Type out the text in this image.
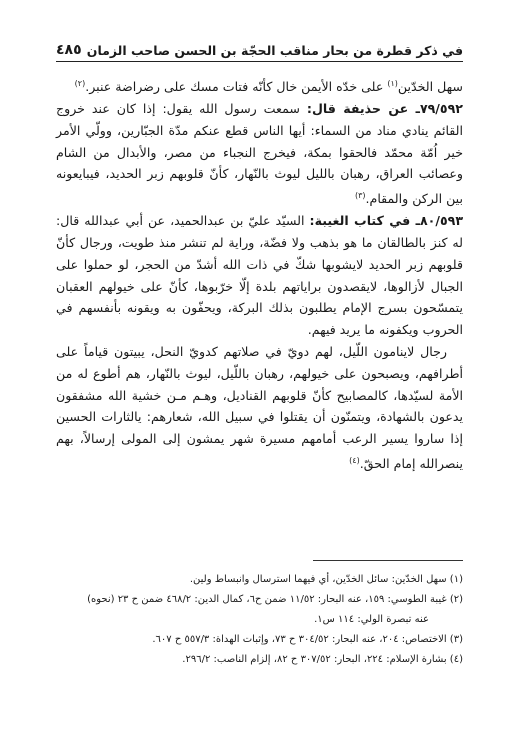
في ذكر قطرة من بحار مناقب الحجّة بن الحسن صاحب الزمان
٤٨٥

سهل الخدّين$^{(١)}$ على خدّه الأيمن خال كأنّه فتات مسك على رضراضة عنبر.$^{(٢)}$

٧٩/٥٩٢ـ عن حذيفة قال: سمعت رسول الله يقول: إذا كان عند خروج القائم ينادي مناد من السماء: أيها الناس قطع عنكم مدّة الجبّارين، وولّي الأمر خير اُمّة محمّد فالحقوا بمكة، فيخرج النجباء من مصر، والأبدال من الشام وعصائب العراق، رهبان بالليل ليوث بالنّهار، كأنّ قلوبهم زبر الحديد، فيبايعونه بين الركن والمقام.$^{(٣)}$

٨٠/٥٩٣ـ في كتاب الغيبة: السيّد عليّ بن عبدالحميد، عن أبي عبدالله قال: له كنز بالطالقان ما هو بذهب ولا فضّة، وراية لم تنشر منذ طويت، ورجال كأنّ قلوبهم زبر الحديد لايشوبها شكّ في ذات الله أشدّ من الحجر، لو حملوا على الجبال لأزالوها، لايقصدون براياتهم بلدة إلّا خرّبوها، كأنّ على خيولهم العقبان يتمسّحون بسرج الإمام يطلبون بذلك البركة، ويحفّون به ويقونه بأنفسهم في الحروب ويكفونه ما يريد فيهم.

رجال لاينامون اللّيل، لهم دويّ في صلاتهم كدويّ النحل، يبيتون قياماً على أطرافهم، ويصبحون على خيولهم، رهبان باللّيل، ليوث بالنّهار، هم أطوع له من الأمة لسيّدها، كالمصابيح كأنّ قلوبهم القناديل، وهـم مـن خشية الله مشفقون يدعون بالشهادة، ويتمنّون أن يقتلوا في سبيل الله، شعارهم: يالثارات الحسين إذا ساروا يسير الرعب أمامهم مسيرة شهر يمشون إلى المولى إرسالاً، بهم ينصرالله إمام الحقّ.$^{(٤)}$

(١) سهل الخدّين: سائل الخدّين، أي فيهما استرسال وانبساط ولين.

(٢) غيبة الطوسي: ١٥٩، عنه البحار: ١١/٥٢ ضمن ح٦، كمال الدين: ٤٦٨/٢ ضمن ح ٢٣ (نحوه)

عنه تبصرة الولي: ١١٤ س١.

(٣) الاختصاص: ٢٠٤، عنه البحار: ٣٠٤/٥٢ ح ٧٣، وإثبات الهداة: ٥٥٧/٣ ح ٦٠٧.

(٤) بشارة الإسلام: ٢٢٤، البحار: ٣٠٧/٥٢ ح ٨٢، إلزام الناصب: ٢٩٦/٢.
